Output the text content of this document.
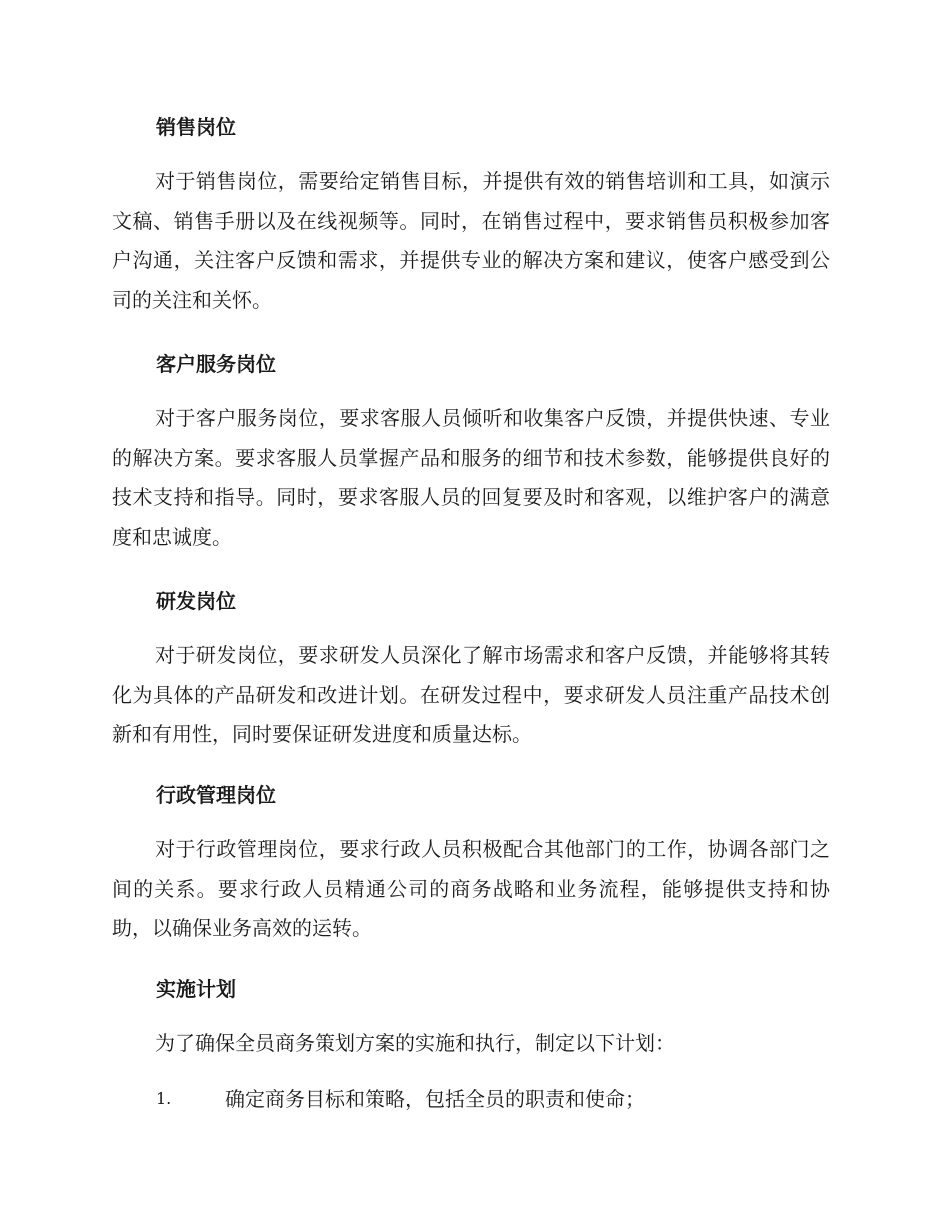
销售岗位

对于销售岗位，需要给定销售目标，并提供有效的销售培训和工具，如演示文稿、销售手册以及在线视频等。同时，在销售过程中，要求销售员积极参加客户沟通，关注客户反馈和需求，并提供专业的解决方案和建议，使客户感受到公司的关注和关怀。

客户服务岗位

对于客户服务岗位，要求客服人员倾听和收集客户反馈，并提供快速、专业的解决方案。要求客服人员掌握产品和服务的细节和技术参数，能够提供良好的技术支持和指导。同时，要求客服人员的回复要及时和客观，以维护客户的满意度和忠诚度。

研发岗位

对于研发岗位，要求研发人员深化了解市场需求和客户反馈，并能够将其转化为具体的产品研发和改进计划。在研发过程中，要求研发人员注重产品技术创新和有用性，同时要保证研发进度和质量达标。

行政管理岗位

对于行政管理岗位，要求行政人员积极配合其他部门的工作，协调各部门之间的关系。要求行政人员精通公司的商务战略和业务流程，能够提供支持和协助，以确保业务高效的运转。

实施计划

为了确保全员商务策划方案的实施和执行，制定以下计划：

1.	确定商务目标和策略，包括全员的职责和使命；
